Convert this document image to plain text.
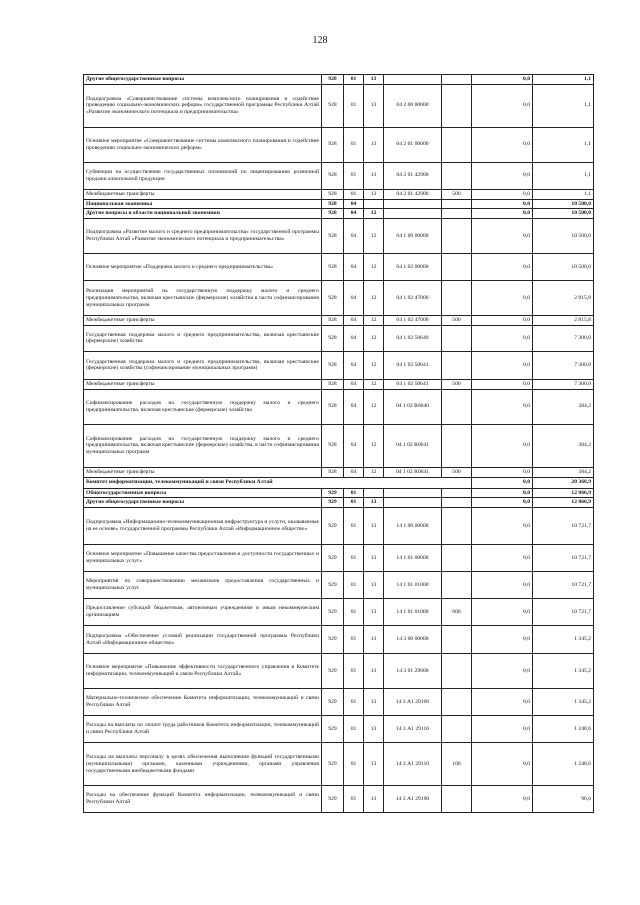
128
Другие общегосударственные вопросы	928	01	13			0,0	1,1
Подпрограмма «Совершенствование системы комплексного планирования и содействие проведению социально-экономических реформ» государственной программы Республики Алтай «Развитие экономического потенциала и предпринимательства»	928	01	13	04 2 00 00000		0,0	1,1
Основное мероприятие «Совершенствование системы комплексного планирования и содействие проведению социально-экономических реформ»	928	01	13	04 2 01 00000		0,0	1,1
Субвенции на осуществление государственных полномочий по лицензированию розничной продажи алкогольной продукции	928	01	13	04 2 01 42900		0,0	1,1
Межбюджетные трансферты	928	01	13	04 2 01 42900	500	0,0	1,1
Национальная экономика	928	04				0,0	10 500,0
Другие вопросы в области национальной экономики	928	04	12			0,0	10 500,0
Подпрограмма «Развитие малого и среднего предпринимательства» государственной программы Республики Алтай «Развитие экономического потенциала и предпринимательства»	928	04	12	04 1 00 00000		0,0	10 500,0
Основное мероприятие «Поддержка малого и среднего предпринимательства»	928	04	12	04 1 02 00000		0,0	10 500,0
Реализация мероприятий на государственную поддержку малого и среднего предпринимательства, включая крестьянские (фермерские) хозяйства в части софинансирования муниципальных программ	928	04	12	04 1 02 47000		0,0	2 815,8
Межбюджетные трансферты	928	04	12	04 1 02 47000	500	0,0	2 815,8
Государственная поддержка малого и среднего предпринимательства, включая крестьянские (фермерские) хозяйства	928	04	12	04 1 02 50640		0,0	7 300,0
Государственная поддержка малого и среднего предпринимательства, включая крестьянские (фермерские) хозяйства (софинансирование муниципальных программ)	928	04	12	04 1 02 50641		0,0	7 300,0
Межбюджетные трансферты	928	04	12	04 1 02 50641	500	0,0	7 300,0
Софинансирование расходов на государственную поддержку малого и среднего предпринимательства, включая крестьянские (фермерские) хозяйства	928	04	12	04 1 02 R0640		0,0	384,2
Софинансирование расходов на государственную поддержку малого и среднего предпринимательства, включая крестьянские (фермерские) хозяйства, в части софинансирования муниципальных программ	928	04	12	04 1 02 R0641		0,0	384,2
Межбюджетные трансферты	928	04	12	04 1 02 R0641	500	0,0	384,2
Комитет информатизации, телекоммуникаций и связи Республики Алтай						0,0	20 368,9
Общегосударственные вопросы	929	01				0,0	12 066,9
Другие общегосударственные вопросы	929	01	13			0,0	12 066,9
Подпрограмма «Информационно-телекоммуникационная инфраструктура и услуги, оказываемые на ее основе» государственной программы Республики Алтай «Информационное общество»	929	01	13	14 1 00 00000		0,0	10 721,7
Основное мероприятие «Повышение качества предоставления и доступности государственных и муниципальных услуг»	929	01	13	14 1 01 00000		0,0	10 721,7
Мероприятия по совершенствованию механизмов предоставления государственных и муниципальных услуг	929	01	13	14 1 01 01000		0,0	10 721,7
Предоставление субсидий бюджетным, автономным учреждениям и иным некоммерческим организациям	929	01	13	14 1 01 01000	600	0,0	10 721,7
Подпрограмма «Обеспечение условий реализации государственной программы Республики Алтай «Информационное общество»	929	01	13	14 3 00 00000		0,0	1 345,2
Основное мероприятие «Повышение эффективности государственного управления в Комитете информатизации, телекоммуникаций и связи Республики Алтай»	929	01	13	14 3 01 29000		0,0	1 345,2
Материально-техническое обеспечение Комитета информатизации, телекоммуникаций и связи Республики Алтай	929	01	13	14 3 А1 29100		0,0	1 345,2
Расходы на выплаты по оплате труда работников Комитета информатизации, телекоммуникаций и связи Республики Алтай	929	01	13	14 3 А1 29110		0,0	1 248,6
Расходы на выплаты персоналу в целях обеспечения выполнения функций государственными (муниципальными) органами, казенными учреждениями, органами управления государственными внебюджетными фондами	929	01	13	14 3 А1 29110	100	0,0	1 248,6
Расходы на обеспечение функций Комитета информатизации, телекоммуникаций и связи Республики Алтай	929	01	13	14 3 А1 29190		0,0	96,6
